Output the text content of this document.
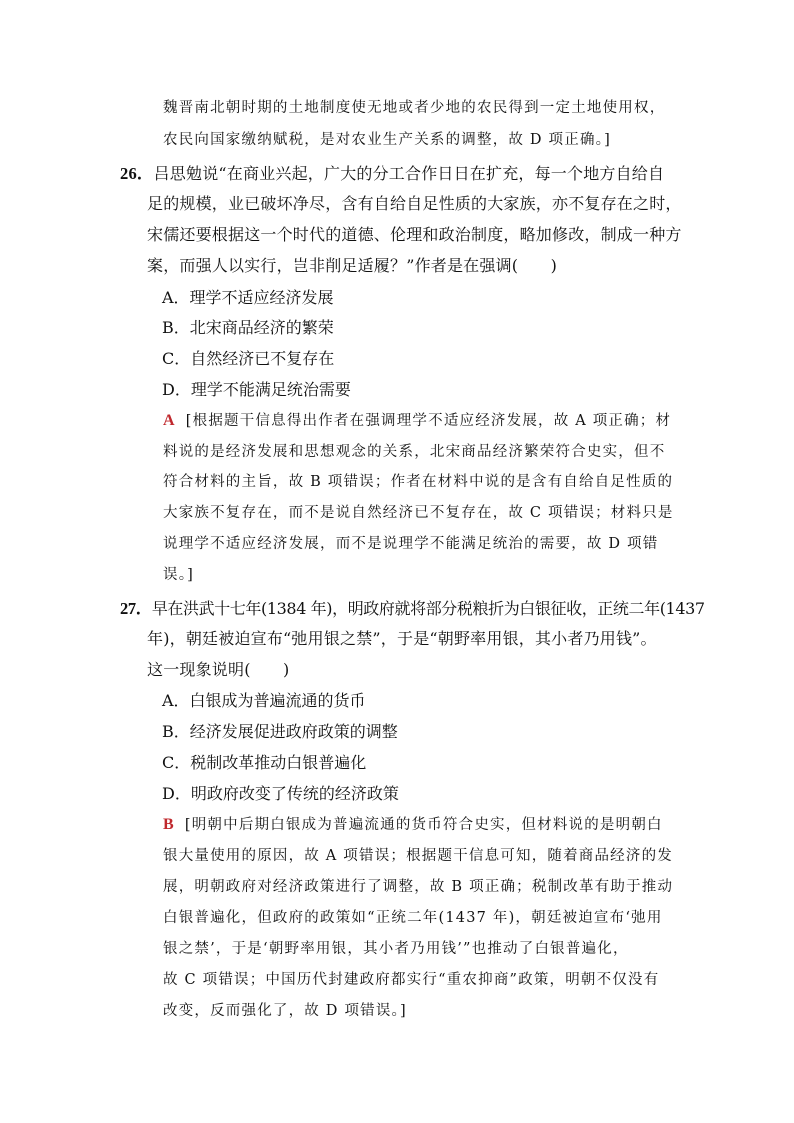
魏晋南北朝时期的土地制度使无地或者少地的农民得到一定土地使用权，
农民向国家缴纳赋税，是对农业生产关系的调整，故 D 项正确。]
26．吕思勉说“在商业兴起，广大的分工合作日日在扩充，每一个地方自给自
足的规模，业已破坏净尽，含有自给自足性质的大家族，亦不复存在之时，
宋儒还要根据这一个时代的道德、伦理和政治制度，略加修改，制成一种方
案，而强人以实行，岂非削足适履？”作者是在强调(　　)
A．理学不适应经济发展
B．北宋商品经济的繁荣
C．自然经济已不复存在
D．理学不能满足统治需要
A [根据题干信息得出作者在强调理学不适应经济发展，故 A 项正确；材
料说的是经济发展和思想观念的关系，北宋商品经济繁荣符合史实，但不
符合材料的主旨，故 B 项错误；作者在材料中说的是含有自给自足性质的
大家族不复存在，而不是说自然经济已不复存在，故 C 项错误；材料只是
说理学不适应经济发展，而不是说理学不能满足统治的需要，故 D 项错
误。]
27．早在洪武十七年(1384 年)，明政府就将部分税粮折为白银征收，正统二年(1437
年)，朝廷被迫宣布“弛用银之禁”，于是“朝野率用银，其小者乃用钱”。
这一现象说明(　　)
A．白银成为普遍流通的货币
B．经济发展促进政府政策的调整
C．税制改革推动白银普遍化
D．明政府改变了传统的经济政策
B [明朝中后期白银成为普遍流通的货币符合史实，但材料说的是明朝白
银大量使用的原因，故 A 项错误；根据题干信息可知，随着商品经济的发
展，明朝政府对经济政策进行了调整，故 B 项正确；税制改革有助于推动
白银普遍化，但政府的政策如“正统二年(1437 年)，朝廷被迫宣布‘弛用
银之禁’，于是‘朝野率用银，其小者乃用钱’”也推动了白银普遍化，
故 C 项错误；中国历代封建政府都实行“重农抑商”政策，明朝不仅没有
改变，反而强化了，故 D 项错误。]
